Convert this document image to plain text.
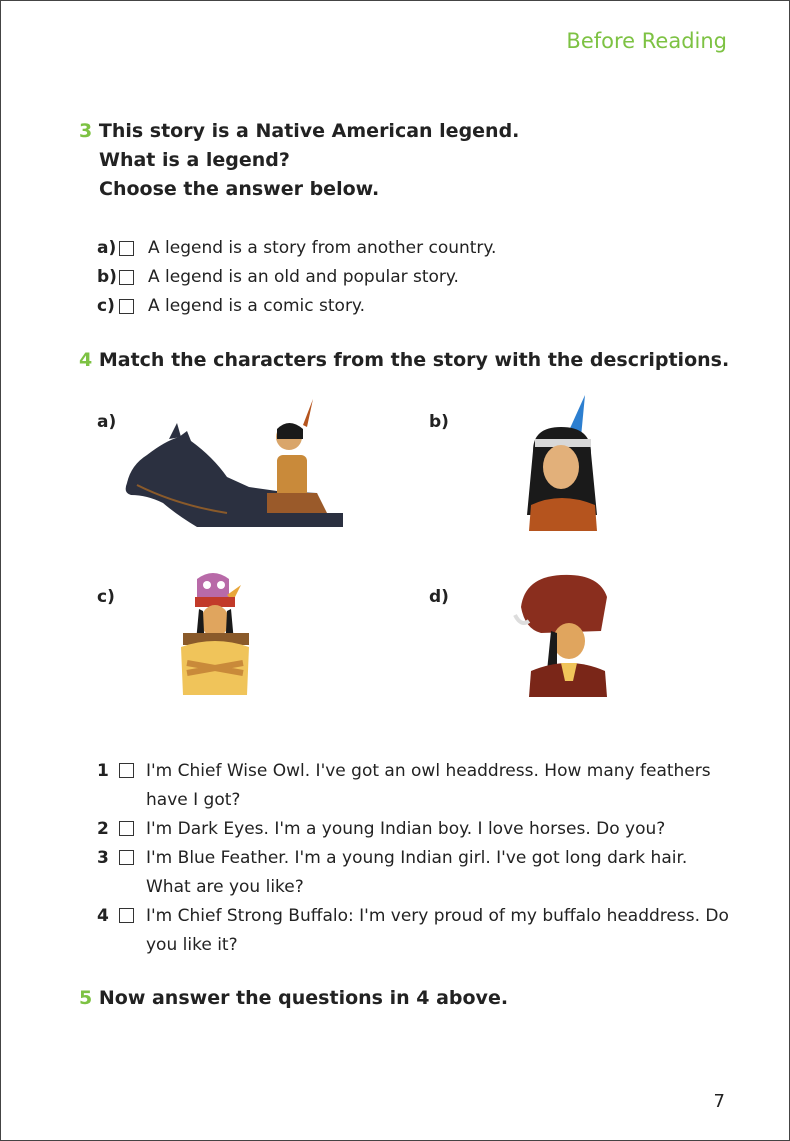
Before Reading
3 This story is a Native American legend.
What is a legend?
Choose the answer below.
a) A legend is a story from another country.
b) A legend is an old and popular story.
c) A legend is a comic story.
4 Match the characters from the story with the descriptions.
a)	b)
c)	d)
1	I'm Chief Wise Owl. I've got an owl headdress. How many feathers have I got?
2	I'm Dark Eyes. I'm a young Indian boy. I love horses. Do you?
3	I'm Blue Feather. I'm a young Indian girl. I've got long dark hair. What are you like?
4	I'm Chief Strong Buffalo: I'm very proud of my buffalo headdress. Do you like it?
5 Now answer the questions in 4 above.
7
